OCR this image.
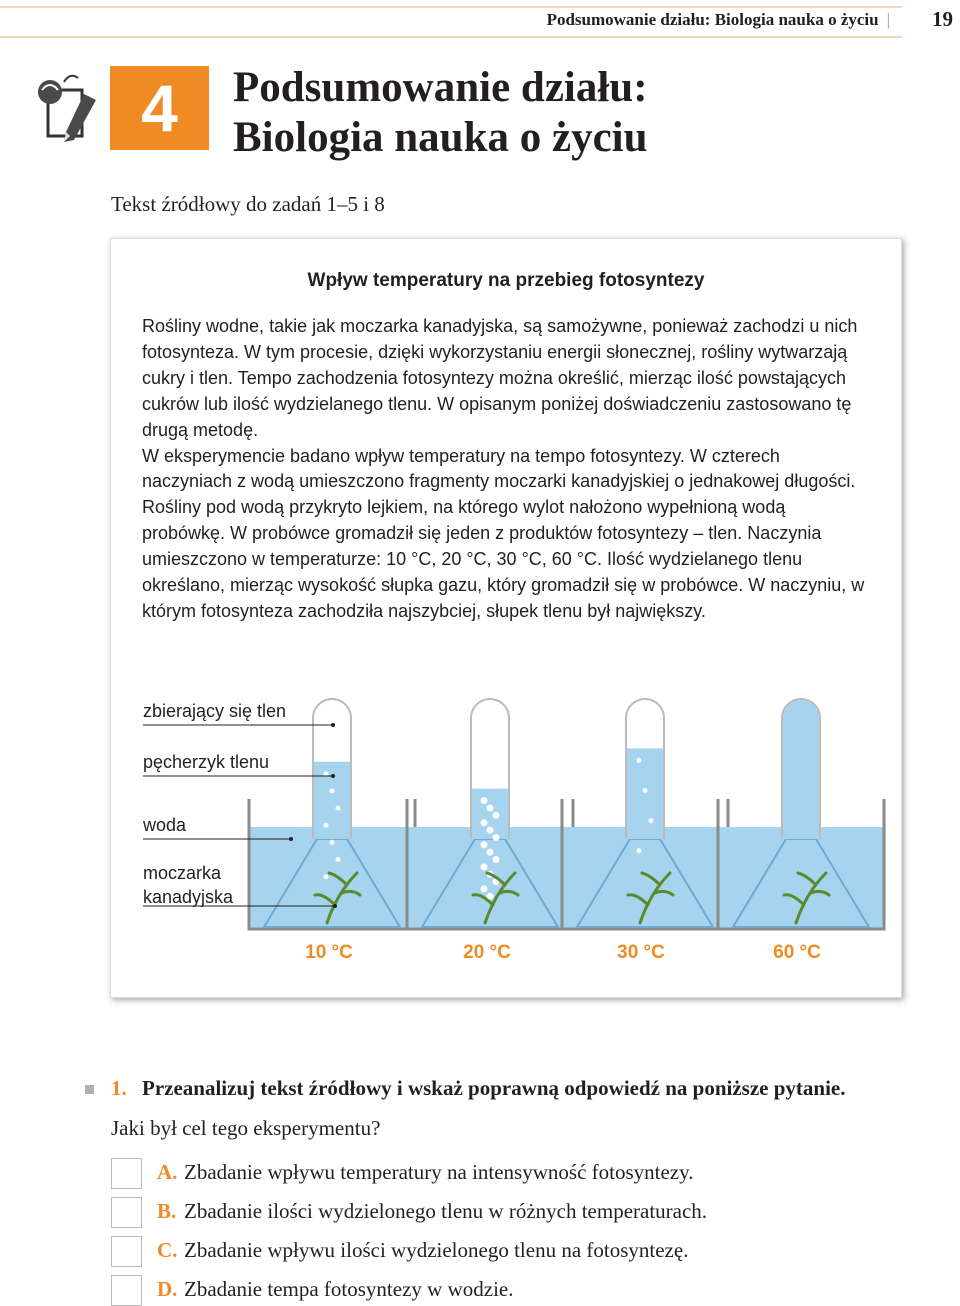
Podsumowanie działu: Biologia nauka o życiu | 19
4	Podsumowanie działu:
Biologia nauka o życiu
Tekst źródłowy do zadań 1–5 i 8
Wpływ temperatury na przebieg fotosyntezy

Rośliny wodne, takie jak moczarka kanadyjska, są samożywne, ponieważ zachodzi u nich fotosynteza. W tym procesie, dzięki wykorzystaniu energii słonecznej, rośliny wytwarzają cukry i tlen. Tempo zachodzenia fotosyntezy można określić, mierząc ilość powstających cukrów lub ilość wydzielanego tlenu. W opisanym poniżej doświadczeniu zastosowano tę drugą metodę.

W eksperymencie badano wpływ temperatury na tempo fotosyntezy. W czterech naczyniach z wodą umieszczono fragmenty moczarki kanadyjskiej o jednakowej długości. Rośliny pod wodą przykryto lejkiem, na którego wylot nałożono wypełnioną wodą probówkę. W probówce gromadził się jeden z produktów fotosyntezy – tlen. Naczynia umieszczono w temperaturze: 10 °C, 20 °C, 30 °C, 60 °C. Ilość wydzielanego tlenu określano, mierząc wysokość słupka gazu, który gromadził się w probówce. W naczyniu, w którym fotosynteza zachodziła najszybciej, słupek tlenu był największy.

zbierający się tlen
pęcherzyk tlenu
woda
moczarka
kanadyjska
10 °C	20 °C	30 °C	60 °C
1. Przeanalizuj tekst źródłowy i wskaż poprawną odpowiedź na poniższe pytanie.
Jaki był cel tego eksperymentu?
A. Zbadanie wpływu temperatury na intensywność fotosyntezy.
B. Zbadanie ilości wydzielonego tlenu w różnych temperaturach.
C. Zbadanie wpływu ilości wydzielonego tlenu na fotosyntezę.
D. Zbadanie tempa fotosyntezy w wodzie.
